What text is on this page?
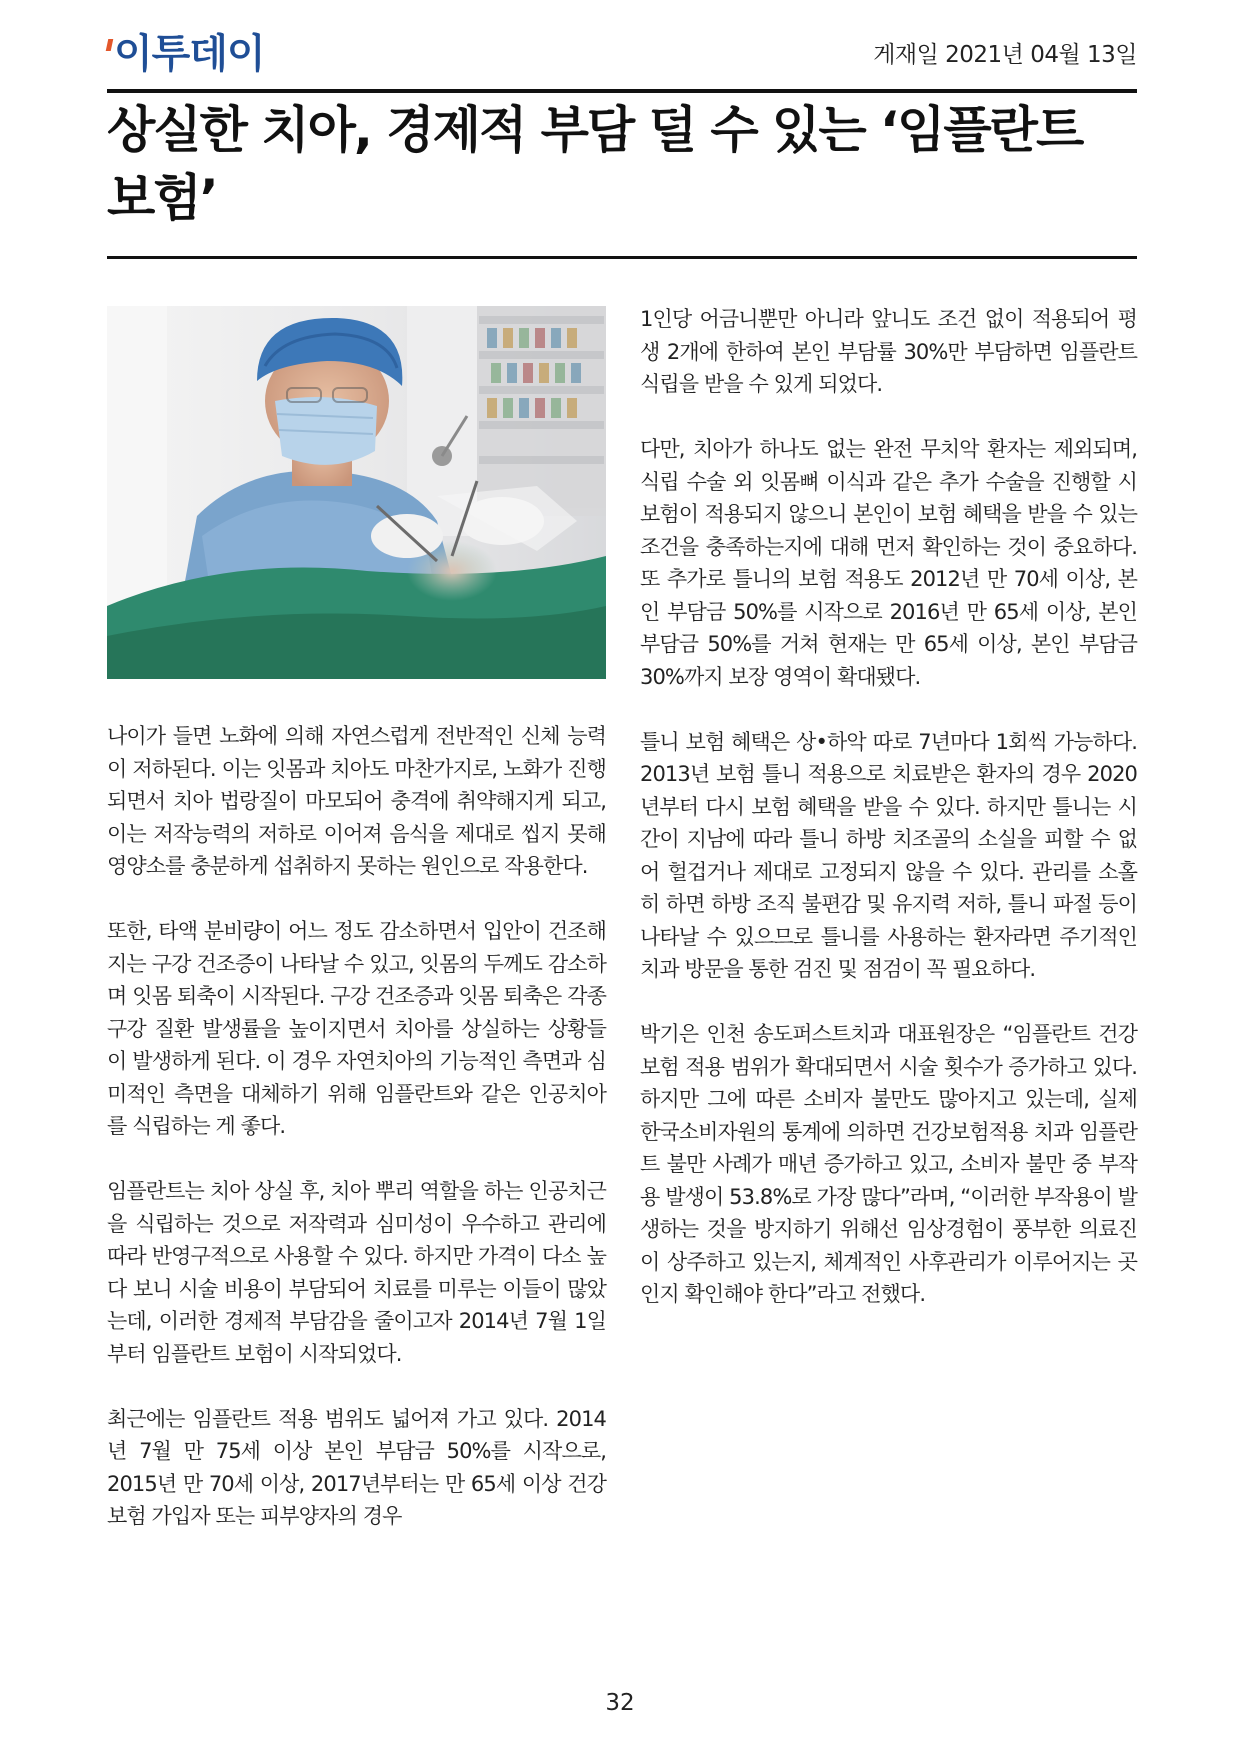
이투데이	게재일 2021년 04월 13일
상실한 치아, 경제적 부담 덜 수 있는 ‘임플란트 보험’

나이가 들면 노화에 의해 자연스럽게 전반적인 신체 능력이 저하된다. 이는 잇몸과 치아도 마찬가지로, 노화가 진행되면서 치아 법랑질이 마모되어 충격에 취약해지게 되고, 이는 저작능력의 저하로 이어져 음식을 제대로 씹지 못해 영양소를 충분하게 섭취하지 못하는 원인으로 작용한다.

또한, 타액 분비량이 어느 정도 감소하면서 입안이 건조해지는 구강 건조증이 나타날 수 있고, 잇몸의 두께도 감소하며 잇몸 퇴축이 시작된다. 구강 건조증과 잇몸 퇴축은 각종 구강 질환 발생률을 높이지면서 치아를 상실하는 상황들이 발생하게 된다. 이 경우 자연치아의 기능적인 측면과 심미적인 측면을 대체하기 위해 임플란트와 같은 인공치아를 식립하는 게 좋다.

임플란트는 치아 상실 후, 치아 뿌리 역할을 하는 인공치근을 식립하는 것으로 저작력과 심미성이 우수하고 관리에 따라 반영구적으로 사용할 수 있다. 하지만 가격이 다소 높다 보니 시술 비용이 부담되어 치료를 미루는 이들이 많았는데, 이러한 경제적 부담감을 줄이고자 2014년 7월 1일부터 임플란트 보험이 시작되었다.

최근에는 임플란트 적용 범위도 넓어져 가고 있다. 2014년 7월 만 75세 이상 본인 부담금 50%를 시작으로, 2015년 만 70세 이상, 2017년부터는 만 65세 이상 건강보험 가입자 또는 피부양자의 경우

1인당 어금니뿐만 아니라 앞니도 조건 없이 적용되어 평생 2개에 한하여 본인 부담률 30%만 부담하면 임플란트 식립을 받을 수 있게 되었다.

다만, 치아가 하나도 없는 완전 무치악 환자는 제외되며, 식립 수술 외 잇몸뼈 이식과 같은 추가 수술을 진행할 시 보험이 적용되지 않으니 본인이 보험 혜택을 받을 수 있는 조건을 충족하는지에 대해 먼저 확인하는 것이 중요하다. 또 추가로 틀니의 보험 적용도 2012년 만 70세 이상, 본인 부담금 50%를 시작으로 2016년 만 65세 이상, 본인 부담금 50%를 거쳐 현재는 만 65세 이상, 본인 부담금 30%까지 보장 영역이 확대됐다.

틀니 보험 혜택은 상•하악 따로 7년마다 1회씩 가능하다. 2013년 보험 틀니 적용으로 치료받은 환자의 경우 2020년부터 다시 보험 혜택을 받을 수 있다. 하지만 틀니는 시간이 지남에 따라 틀니 하방 치조골의 소실을 피할 수 없어 헐겁거나 제대로 고정되지 않을 수 있다. 관리를 소홀히 하면 하방 조직 불편감 및 유지력 저하, 틀니 파절 등이 나타날 수 있으므로 틀니를 사용하는 환자라면 주기적인 치과 방문을 통한 검진 및 점검이 꼭 필요하다.

박기은 인천 송도퍼스트치과 대표원장은 “임플란트 건강 보험 적용 범위가 확대되면서 시술 횟수가 증가하고 있다. 하지만 그에 따른 소비자 불만도 많아지고 있는데, 실제 한국소비자원의 통계에 의하면 건강보험적용 치과 임플란트 불만 사례가 매년 증가하고 있고, 소비자 불만 중 부작용 발생이 53.8%로 가장 많다”라며, “이러한 부작용이 발생하는 것을 방지하기 위해선 임상경험이 풍부한 의료진이 상주하고 있는지, 체계적인 사후관리가 이루어지는 곳인지 확인해야 한다”라고 전했다.

32
